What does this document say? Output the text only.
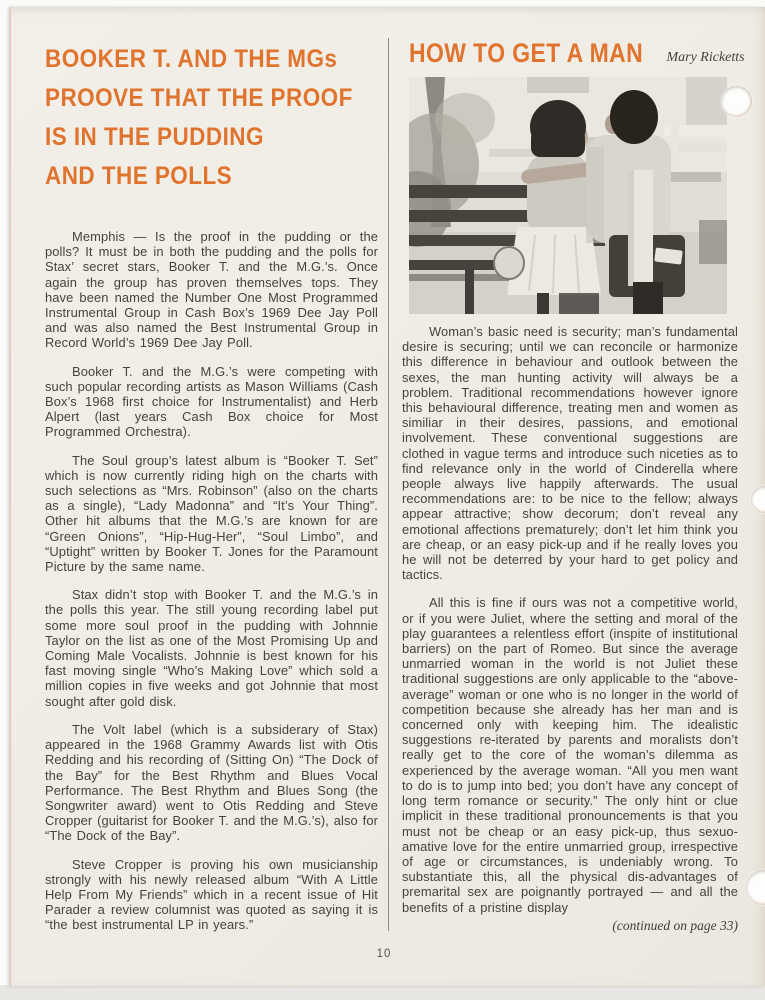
BOOKER T. AND THE MGs
PROOVE THAT THE PROOF
IS IN THE PUDDING
AND THE POLLS

Memphis — Is the proof in the pudding or the polls? It must be in both the pudding and the polls for Stax’ secret stars, Booker T. and the M.G.’s. Once again the group has proven themselves tops. They have been named the Number One Most Programmed Instrumental Group in Cash Box’s 1969 Dee Jay Poll and was also named the Best Instrumental Group in Record World’s 1969 Dee Jay Poll.

Booker T. and the M.G.’s were competing with such popular recording artists as Mason Williams (Cash Box’s 1968 first choice for Instrumentalist) and Herb Alpert (last years Cash Box choice for Most Programmed Orchestra).

The Soul group’s latest album is “Booker T. Set” which is now currently riding high on the charts with such selections as “Mrs. Robinson” (also on the charts as a single), “Lady Madonna” and “It’s Your Thing”. Other hit albums that the M.G.’s are known for are “Green Onions”, “Hip-Hug-Her”, “Soul Limbo”, and “Uptight” written by Booker T. Jones for the Paramount Picture by the same name.

Stax didn’t stop with Booker T. and the M.G.’s in the polls this year. The still young recording label put some more soul proof in the pudding with Johnnie Taylor on the list as one of the Most Promising Up and Coming Male Vocalists. Johnnie is best known for his fast moving single “Who’s Making Love” which sold a million copies in five weeks and got Johnnie that most sought after gold disk.

The Volt label (which is a subsiderary of Stax) appeared in the 1968 Grammy Awards list with Otis Redding and his recording of (Sitting On) “The Dock of the Bay” for the Best Rhythm and Blues Vocal Performance. The Best Rhythm and Blues Song (the Songwriter award) went to Otis Redding and Steve Cropper (guitarist for Booker T. and the M.G.’s), also for “The Dock of the Bay”.

Steve Cropper is proving his own musicianship strongly with his newly released album “With A Little Help From My Friends” which in a recent issue of Hit Parader a review columnist was quoted as saying it is “the best instrumental LP in years.”

HOW TO GET A MAN Mary Ricketts

Woman’s basic need is security; man’s fundamental desire is securing; until we can reconcile or harmonize this difference in behaviour and outlook between the sexes, the man hunting activity will always be a problem. Traditional recommendations however ignore this behavioural difference, treating men and women as similiar in their desires, passions, and emotional involvement. These conventional suggestions are clothed in vague terms and introduce such niceties as to find relevance only in the world of Cinderella where people always live happily afterwards. The usual recommendations are: to be nice to the fellow; always appear attractive; show decorum; don’t reveal any emotional affections prematurely; don’t let him think you are cheap, or an easy pick-up and if he really loves you he will not be deterred by your hard to get policy and tactics.

All this is fine if ours was not a competitive world, or if you were Juliet, where the setting and moral of the play guarantees a relentless effort (inspite of institutional barriers) on the part of Romeo. But since the average unmarried woman in the world is not Juliet these traditional suggestions are only applicable to the “above-average” woman or one who is no longer in the world of competition because she already has her man and is concerned only with keeping him. The idealistic suggestions re-iterated by parents and moralists don’t really get to the core of the woman’s dilemma as experienced by the average woman. “All you men want to do is to jump into bed; you don’t have any concept of long term romance or security.” The only hint or clue implicit in these traditional pronouncements is that you must not be cheap or an easy pick-up, thus sexuo-amative love for the entire unmarried group, irrespective of age or circumstances, is undeniably wrong. To substantiate this, all the physical dis-advantages of premarital sex are poignantly portrayed — and all the benefits of a pristine display

(continued on page 33)
10
